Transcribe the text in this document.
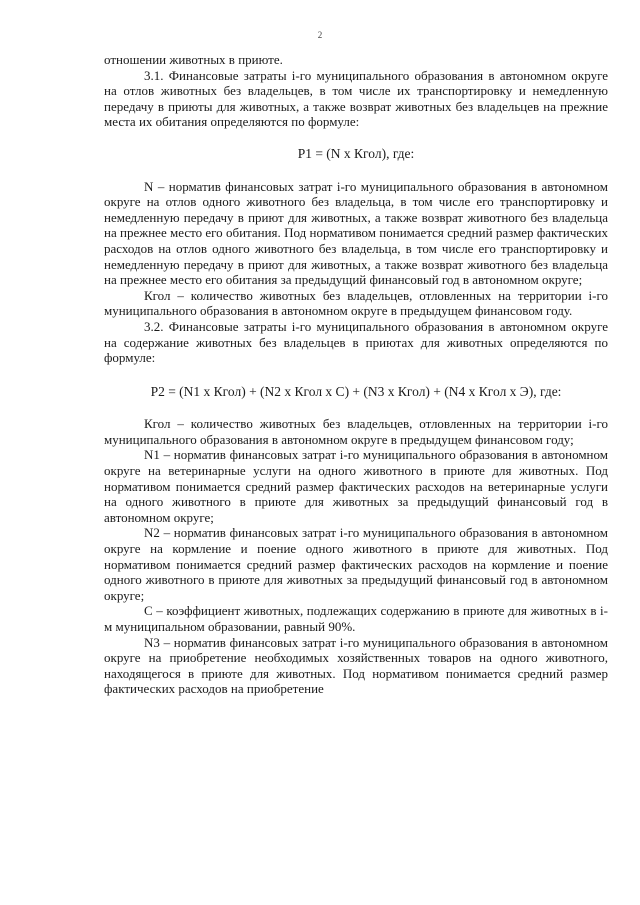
2

отношении животных в приюте.

3.1. Финансовые затраты i-го муниципального образования в автономном округе на отлов животных без владельцев, в том числе их транспортировку и немедленную передачу в приюты для животных, а также возврат животных без владельцев на прежние места их обитания определяются по формуле:

P1 = (N х Кгол), где:

N – норматив финансовых затрат i-го муниципального образования в автономном округе на отлов одного животного без владельца, в том числе его транспортировку и немедленную передачу в приют для животных, а также возврат животного без владельца на прежнее место его обитания. Под нормативом понимается средний размер фактических расходов на отлов одного животного без владельца, в том числе его транспортировку и немедленную передачу в приют для животных, а также возврат животного без владельца на прежнее место его обитания за предыдущий финансовый год в автономном округе;

Кгол – количество животных без владельцев, отловленных на территории i-го муниципального образования в автономном округе в предыдущем финансовом году.

3.2. Финансовые затраты i-го муниципального образования в автономном округе на содержание животных без владельцев в приютах для животных определяются по формуле:

P2 = (N1 х Кгол) + (N2 х Кгол х С) + (N3 х Кгол) + (N4 х Кгол х Э), где:

Кгол – количество животных без владельцев, отловленных на территории i-го муниципального образования в автономном округе в предыдущем финансовом году;

N1 – норматив финансовых затрат i-го муниципального образования в автономном округе на ветеринарные услуги на одного животного в приюте для животных. Под нормативом понимается средний размер фактических расходов на ветеринарные услуги на одного животного в приюте для животных за предыдущий финансовый год в автономном округе;

N2 – норматив финансовых затрат i-го муниципального образования в автономном округе на кормление и поение одного животного в приюте для животных. Под нормативом понимается средний размер фактических расходов на кормление и поение одного животного в приюте для животных за предыдущий финансовый год в автономном округе;

С – коэффициент животных, подлежащих содержанию в приюте для животных в i-м муниципальном образовании, равный 90%.

N3 – норматив финансовых затрат i-го муниципального образования в автономном округе на приобретение необходимых хозяйственных товаров на одного животного, находящегося в приюте для животных. Под нормативом понимается средний размер фактических расходов на приобретение
